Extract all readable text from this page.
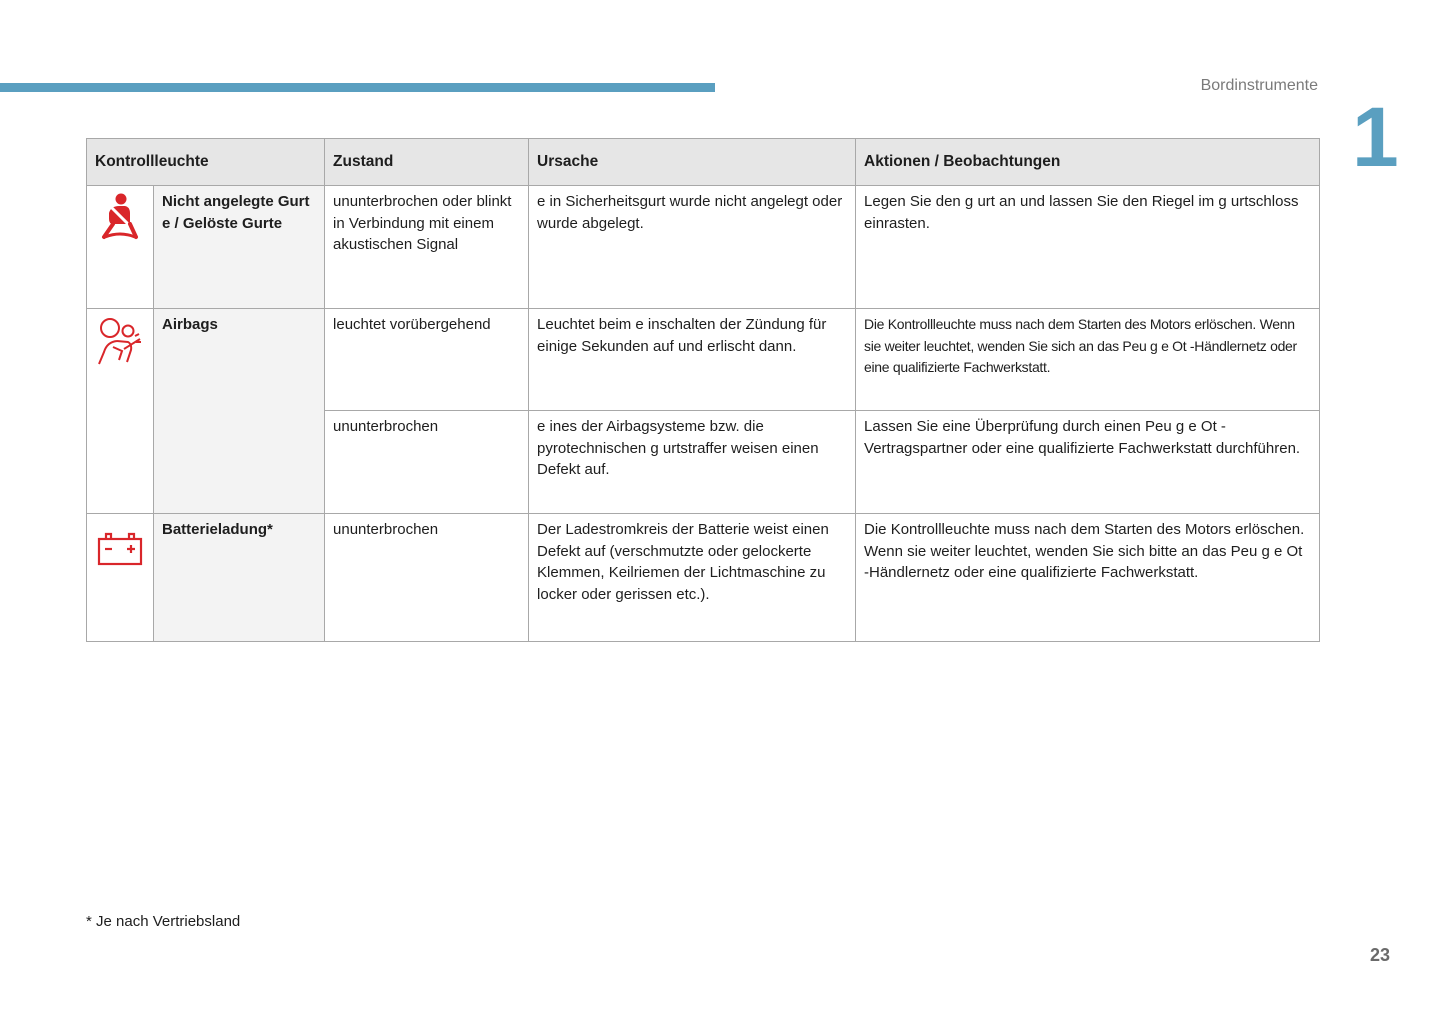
Bordinstrumente
1
Kontrollleuchte		Zustand	Ursache	Aktionen / Beobachtungen
	Nicht angelegte Gurt e / Gelöste Gurte	ununterbrochen oder blinkt in Verbindung mit einem akustischen Signal	e in Sicherheitsgurt wurde nicht angelegt oder wurde abgelegt.	Legen Sie den g urt an und lassen Sie den Riegel im g urtschloss einrasten.
	Airbags	leuchtet vorübergehend	Leuchtet beim e inschalten der Zündung für einige Sekunden auf und erlischt dann.	Die Kontrollleuchte muss nach dem Starten des Motors erlöschen. Wenn sie weiter leuchtet, wenden Sie sich an das Peu g e Ot -Händlernetz oder eine qualifizierte Fachwerkstatt.
		ununterbrochen	e ines der Airbagsysteme bzw. die pyrotechnischen g urtstraffer weisen einen Defekt auf.	Lassen Sie eine Überprüfung durch einen Peu g e Ot -Vertragspartner oder eine qualifizierte Fachwerkstatt durchführen.
	Batterieladung*	ununterbrochen	Der Ladestromkreis der Batterie weist einen Defekt auf (verschmutzte oder gelockerte Klemmen, Keilriemen der Lichtmaschine zu locker oder gerissen etc.).	Die Kontrollleuchte muss nach dem Starten des Motors erlöschen.
Wenn sie weiter leuchtet, wenden Sie sich bitte an das Peu g e Ot -Händlernetz oder eine qualifizierte Fachwerkstatt.
* Je nach Vertriebsland
23
